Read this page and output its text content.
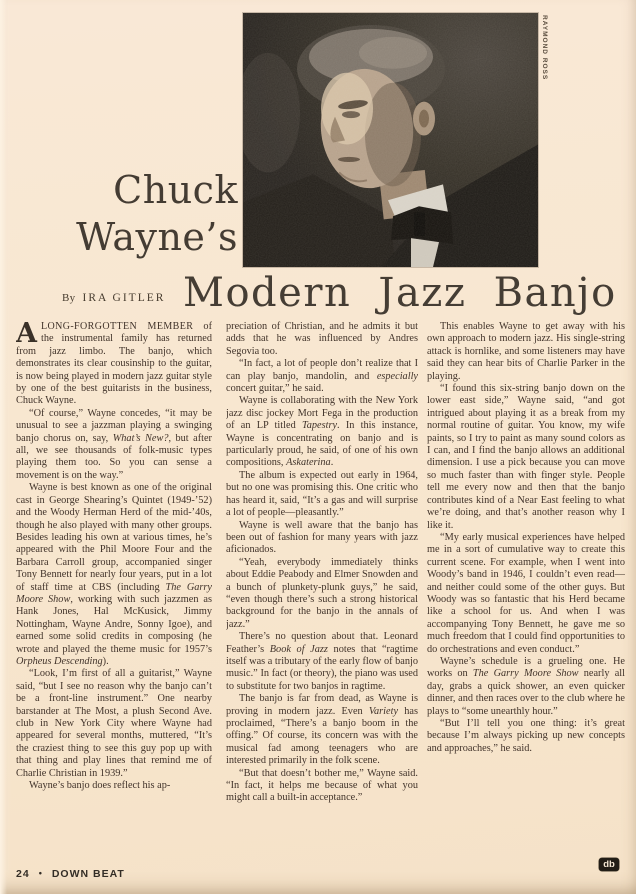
RAYMOND ROSS
Chuck
Wayne’s
By IRA GITLER Modern Jazz Banjo

ALONG-FORGOTTEN MEMBER of the instrumental family has returned from jazz limbo. The banjo, which demonstrates its clear cousinship to the guitar, is now being played in modern jazz guitar style by one of the best guitarists in the business, Chuck Wayne.

“Of course,” Wayne concedes, “it may be unusual to see a jazzman playing a swinging banjo chorus on, say, What’s New?, but after all, we see thousands of folk-music types playing them too. So you can sense a movement is on the way.”

Wayne is best known as one of the original cast in George Shearing’s Quintet (1949-’52) and the Woody Herman Herd of the mid-’40s, though he also played with many other groups. Besides leading his own at various times, he’s appeared with the Phil Moore Four and the Barbara Carroll group, accompanied singer Tony Bennett for nearly four years, put in a lot of staff time at CBS (including The Garry Moore Show, working with such jazzmen as Hank Jones, Hal McKusick, Jimmy Nottingham, Wayne Andre, Sonny Igoe), and earned some solid credits in composing (he wrote and played the theme music for 1957’s Orpheus Descending).

“Look, I’m first of all a guitarist,” Wayne said, “but I see no reason why the banjo can’t be a front-line instrument.” One nearby barstander at The Most, a plush Second Ave. club in New York City where Wayne had appeared for several months, muttered, “It’s the craziest thing to see this guy pop up with that thing and play lines that remind me of Charlie Christian in 1939.”

Wayne’s banjo does reflect his ap-

preciation of Christian, and he admits it but adds that he was influenced by Andres Segovia too.

“In fact, a lot of people don’t realize that I can play banjo, mandolin, and especially concert guitar,” he said.

Wayne is collaborating with the New York jazz disc jockey Mort Fega in the production of an LP titled Tapestry. In this instance, Wayne is concentrating on banjo and is particularly proud, he said, of one of his own compositions, Askaterina.

The album is expected out early in 1964, but no one was promising this. One critic who has heard it, said, “It’s a gas and will surprise a lot of people—pleasantly.”

Wayne is well aware that the banjo has been out of fashion for many years with jazz aficionados.

“Yeah, everybody immediately thinks about Eddie Peabody and Elmer Snowden and a bunch of plunkety-plunk guys,” he said, “even though there’s such a strong historical background for the banjo in the annals of jazz.”

There’s no question about that. Leonard Feather’s Book of Jazz notes that “ragtime itself was a tributary of the early flow of banjo music.” In fact (or theory), the piano was used to substitute for two banjos in ragtime.

The banjo is far from dead, as Wayne is proving in modern jazz. Even Variety has proclaimed, “There’s a banjo boom in the offing.” Of course, its concern was with the musical fad among teenagers who are interested primarily in the folk scene.

“But that doesn’t bother me,” Wayne said. “In fact, it helps me because of what you might call a built-in acceptance.”

This enables Wayne to get away with his own approach to modern jazz. His single-string attack is hornlike, and some listeners may have said they can hear bits of Charlie Parker in the playing.

“I found this six-string banjo down on the lower east side,” Wayne said, “and got intrigued about playing it as a break from my normal routine of guitar. You know, my wife paints, so I try to paint as many sound colors as I can, and I find the banjo allows an additional dimension. I use a pick because you can move so much faster than with finger style. People tell me every now and then that the banjo contributes kind of a Near East feeling to what we’re doing, and that’s another reason why I like it.

“My early musical experiences have helped me in a sort of cumulative way to create this current scene. For example, when I went into Woody’s band in 1946, I couldn’t even read—and neither could some of the other guys. But Woody was so fantastic that his Herd became like a school for us. And when I was accompanying Tony Bennett, he gave me so much freedom that I could find opportunities to do orchestrations and even conduct.”

Wayne’s schedule is a grueling one. He works on The Garry Moore Show nearly all day, grabs a quick shower, an even quicker dinner, and then races over to the club where he plays to “some unearthly hour.”

“But I’ll tell you one thing: it’s great because I’m always picking up new concepts and approaches,” he said.

24 • DOWN BEAT
db
